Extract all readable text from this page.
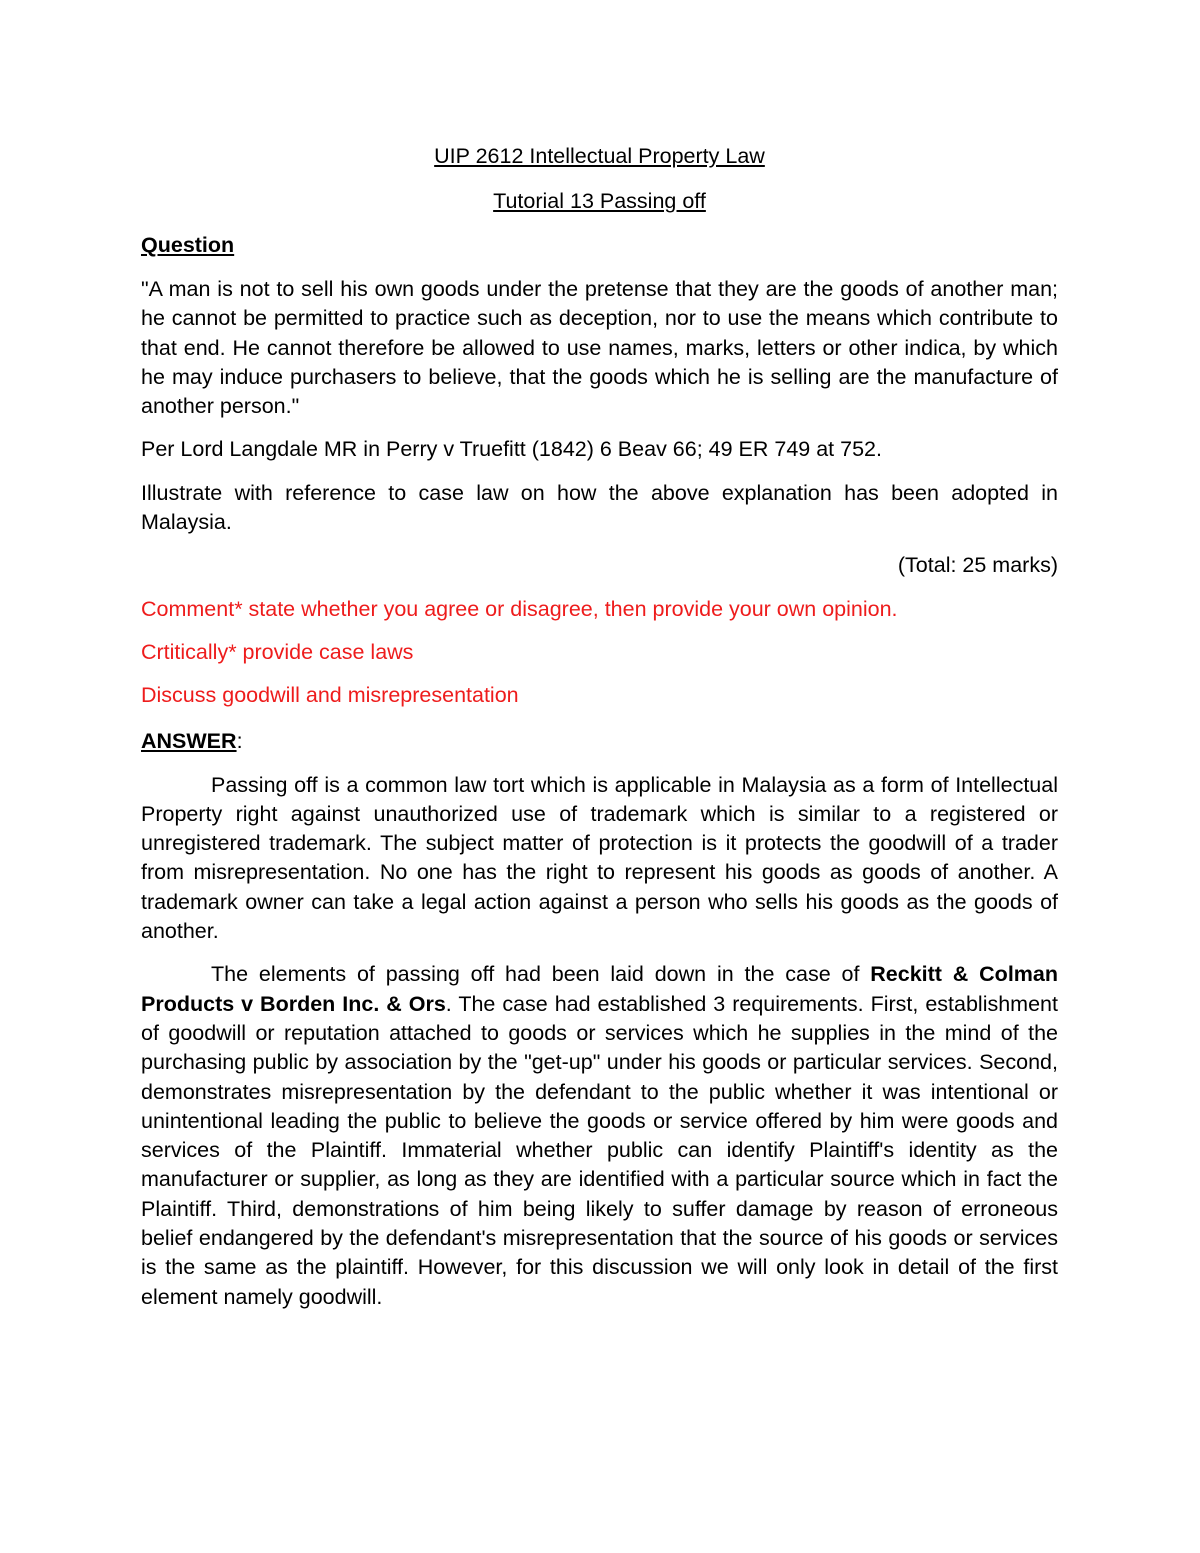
UIP 2612 Intellectual Property Law

Tutorial 13 Passing off

Question

"A man is not to sell his own goods under the pretense that they are the goods of another man; he cannot be permitted to practice such as deception, nor to use the means which contribute to that end. He cannot therefore be allowed to use names, marks, letters or other indica, by which he may induce purchasers to believe, that the goods which he is selling are the manufacture of another person."

Per Lord Langdale MR in Perry v Truefitt (1842) 6 Beav 66; 49 ER 749 at 752.

Illustrate with reference to case law on how the above explanation has been adopted in Malaysia.

(Total: 25 marks)

Comment* state whether you agree or disagree, then provide your own opinion.

Crtitically* provide case laws

Discuss goodwill and misrepresentation

ANSWER:

Passing off is a common law tort which is applicable in Malaysia as a form of Intellectual Property right against unauthorized use of trademark which is similar to a registered or unregistered trademark. The subject matter of protection is it protects the goodwill of a trader from misrepresentation. No one has the right to represent his goods as goods of another. A trademark owner can take a legal action against a person who sells his goods as the goods of another.

The elements of passing off had been laid down in the case of Reckitt & Colman Products v Borden Inc. & Ors. The case had established 3 requirements. First, establishment of goodwill or reputation attached to goods or services which he supplies in the mind of the purchasing public by association by the "get-up" under his goods or particular services. Second, demonstrates misrepresentation by the defendant to the public whether it was intentional or unintentional leading the public to believe the goods or service offered by him were goods and services of the Plaintiff. Immaterial whether public can identify Plaintiff's identity as the manufacturer or supplier, as long as they are identified with a particular source which in fact the Plaintiff. Third, demonstrations of him being likely to suffer damage by reason of erroneous belief endangered by the defendant's misrepresentation that the source of his goods or services is the same as the plaintiff. However, for this discussion we will only look in detail of the first element namely goodwill.
